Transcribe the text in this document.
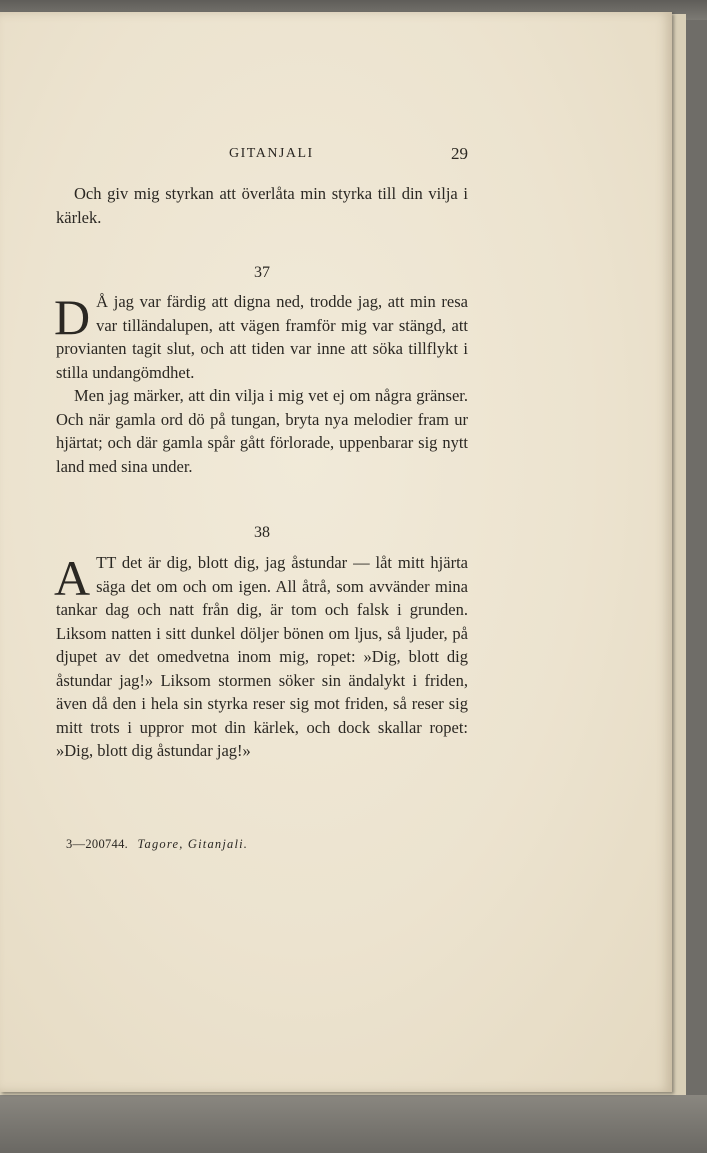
GITANJALI	29

Och giv mig styrkan att överlåta min styrka till din vilja i kärlek.

37

D Å jag var färdig att digna ned, trodde jag, att min resa var tilländalupen, att vägen framför mig var stängd, att provianten tagit slut, och att tiden var inne att söka tillflykt i stilla undangömdhet.

Men jag märker, att din vilja i mig vet ej om några gränser. Och när gamla ord dö på tungan, bryta nya melodier fram ur hjärtat; och där gamla spår gått förlorade, uppenbarar sig nytt land med sina under.

38

ATT det är dig, blott dig, jag åstundar — låt mitt hjärta säga det om och om igen. All åtrå, som avvänder mina tankar dag och natt från dig, är tom och falsk i grunden. Liksom natten i sitt dunkel döljer bönen om ljus, så ljuder, på djupet av det omedvetna inom mig, ropet: »Dig, blott dig åstundar jag!» Liksom stormen söker sin ändalykt i friden, även då den i hela sin styrka reser sig mot friden, så reser sig mitt trots i uppror mot din kärlek, och dock skallar ropet: »Dig, blott dig åstundar jag!»

3—200744. Tagore, Gitanjali.
